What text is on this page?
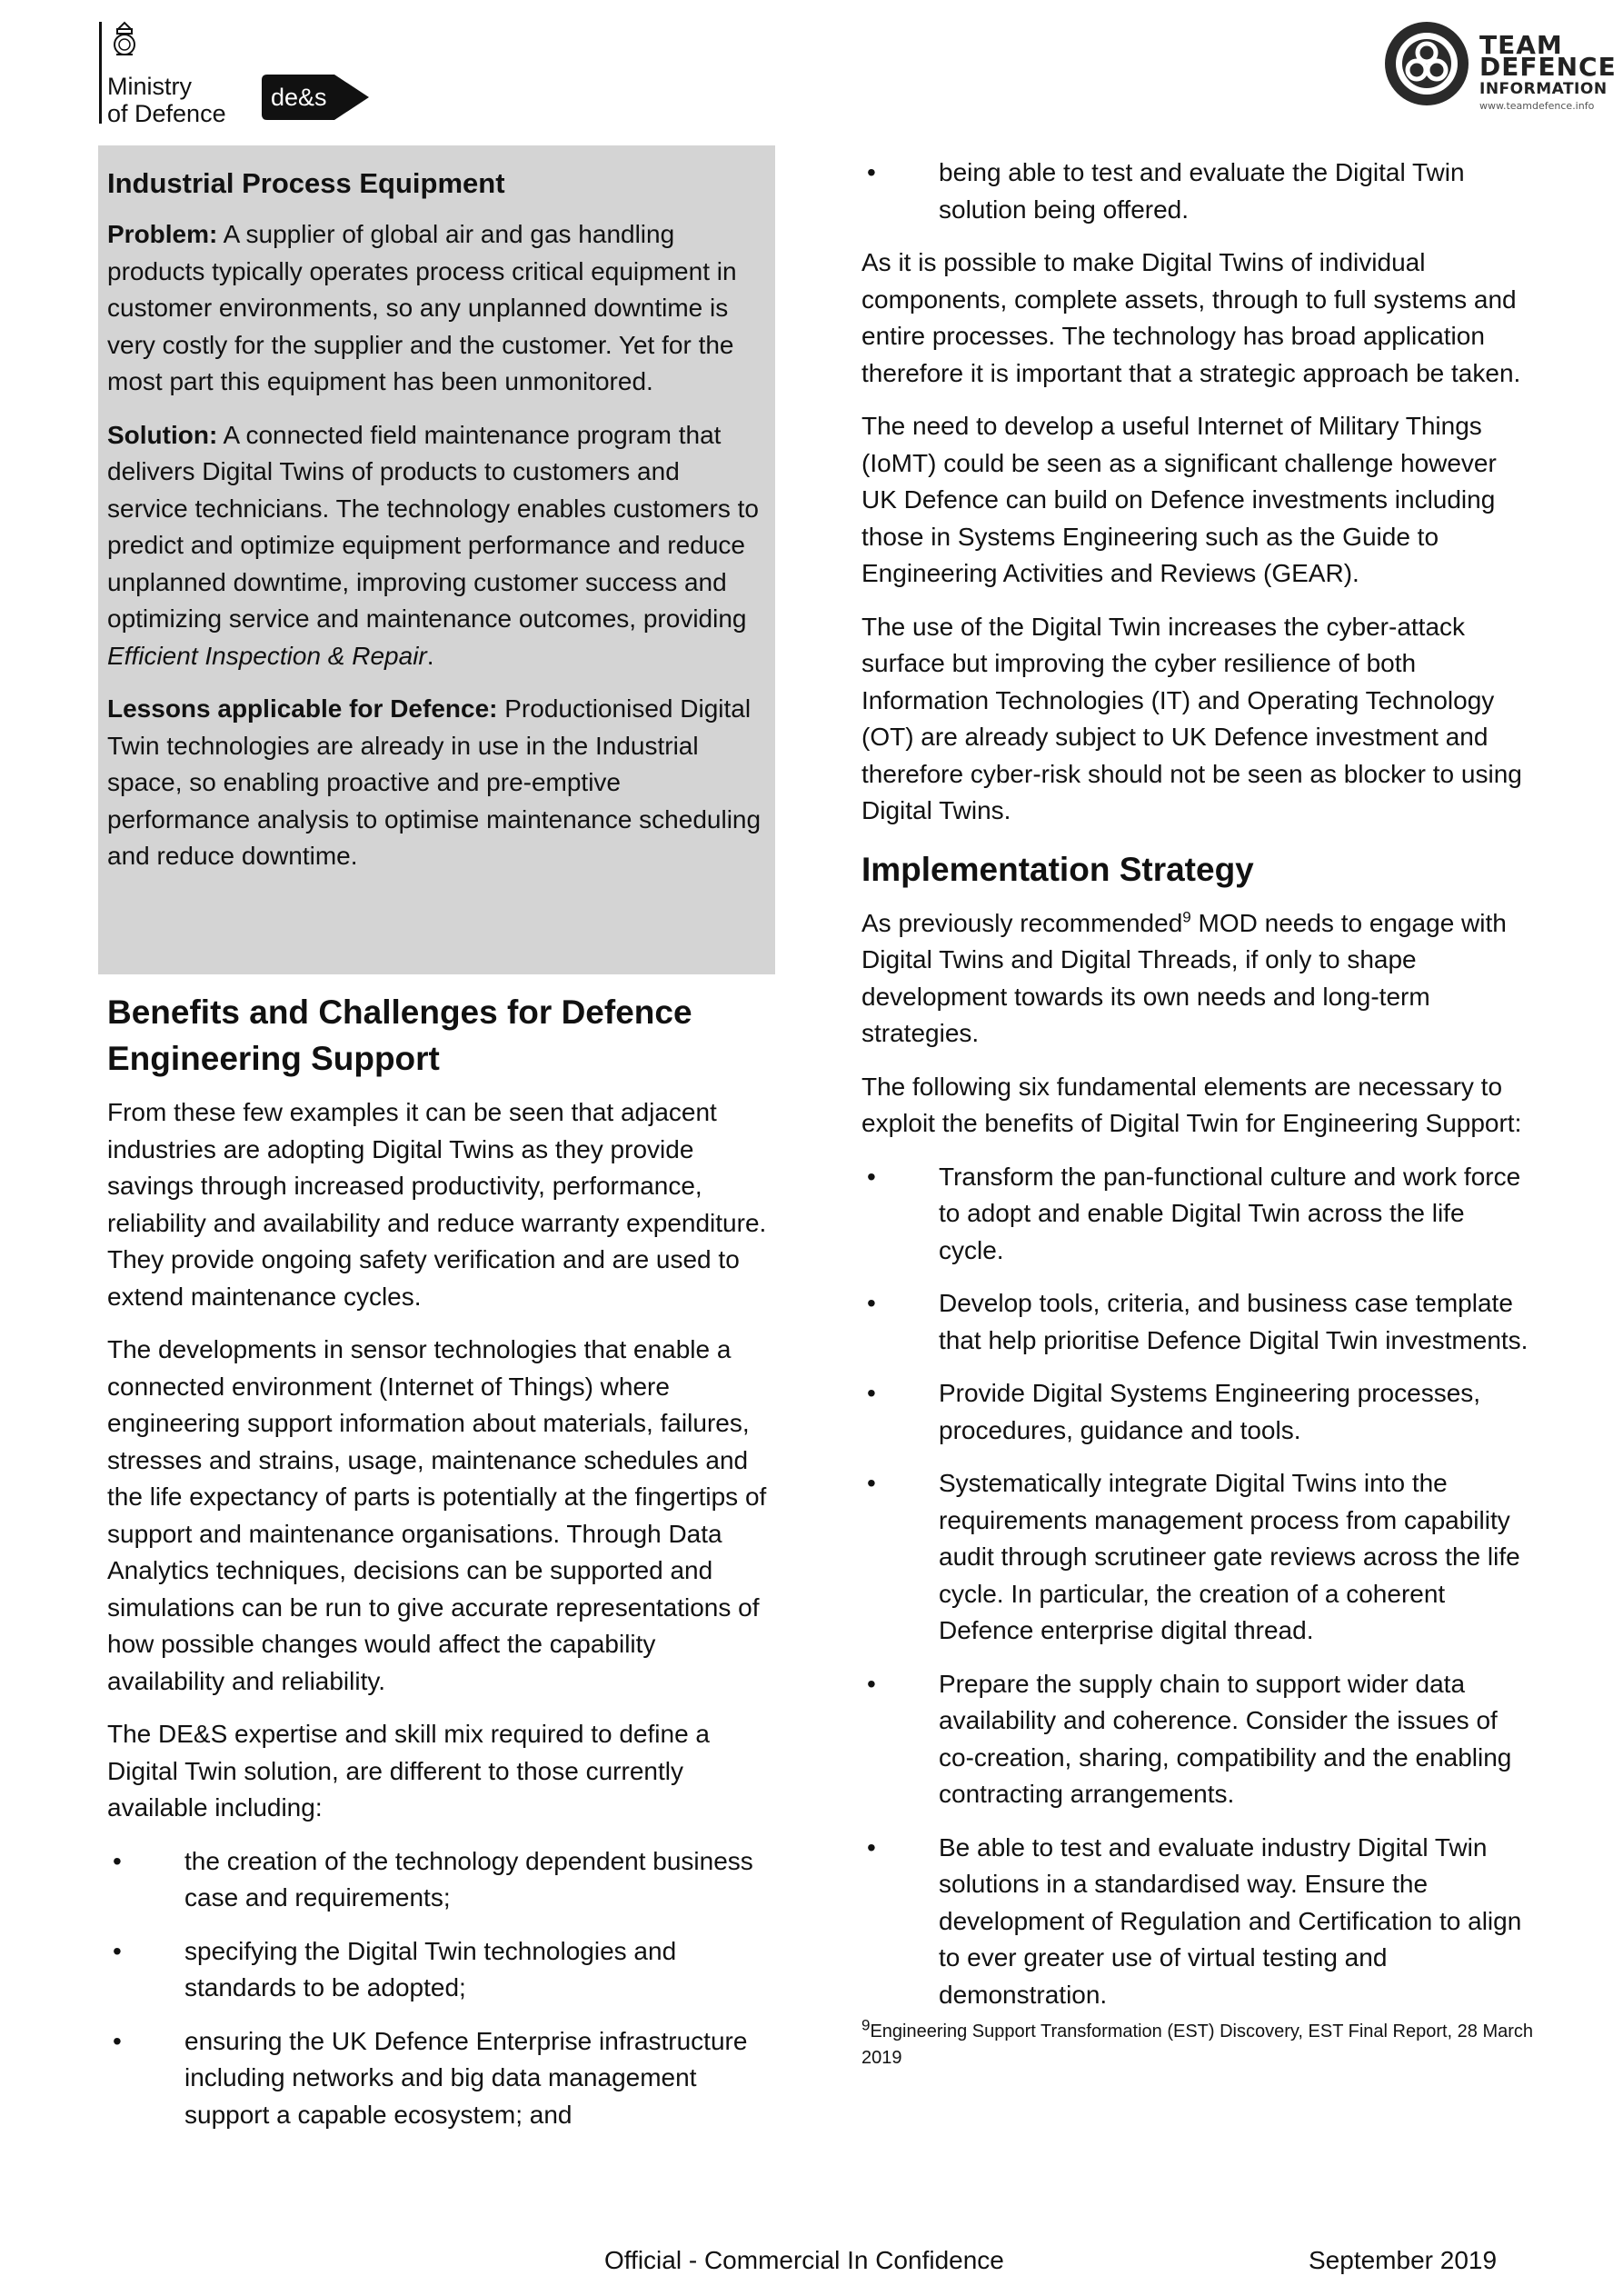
Ministry
of Defence
de&s
TEAM
DEFENCE
INFORMATION
www.teamdefence.info
Industrial Process Equipment

Problem: A supplier of global air and gas handling products typically operates process critical equipment in customer environments, so any unplanned downtime is very costly for the supplier and the customer. Yet for the most part this equipment has been unmonitored.

Solution: A connected field maintenance program that delivers Digital Twins of products to customers and service technicians. The technology enables customers to predict and optimize equipment performance and reduce unplanned downtime, improving customer success and optimizing service and maintenance outcomes, providing Efficient Inspection & Repair.

Lessons applicable for Defence: Productionised Digital Twin technologies are already in use in the Industrial space, so enabling proactive and pre-emptive performance analysis to optimise maintenance scheduling and reduce downtime.

Benefits and Challenges for Defence Engineering Support

From these few examples it can be seen that adjacent industries are adopting Digital Twins as they provide savings through increased productivity, performance, reliability and availability and reduce warranty expenditure. They provide ongoing safety verification and are used to extend maintenance cycles.

The developments in sensor technologies that enable a connected environment (Internet of Things) where engineering support information about materials, failures, stresses and strains, usage, maintenance schedules and the life expectancy of parts is potentially at the fingertips of support and maintenance organisations. Through Data Analytics techniques, decisions can be supported and simulations can be run to give accurate representations of how possible changes would affect the capability availability and reliability.

The DE&S expertise and skill mix required to define a Digital Twin solution, are different to those currently available including:

• the creation of the technology dependent business case and requirements;
• specifying the Digital Twin technologies and standards to be adopted;
• ensuring the UK Defence Enterprise infrastructure including networks and big data management support a capable ecosystem; and
• being able to test and evaluate the Digital Twin solution being offered.

As it is possible to make Digital Twins of individual components, complete assets, through to full systems and entire processes. The technology has broad application therefore it is important that a strategic approach be taken.

The need to develop a useful Internet of Military Things (IoMT) could be seen as a significant challenge however UK Defence can build on Defence investments including those in Systems Engineering such as the Guide to Engineering Activities and Reviews (GEAR).

The use of the Digital Twin increases the cyber-attack surface but improving the cyber resilience of both Information Technologies (IT) and Operating Technology (OT) are already subject to UK Defence investment and therefore cyber-risk should not be seen as blocker to using Digital Twins.

Implementation Strategy

As previously recommended$^9$ MOD needs to engage with Digital Twins and Digital Threads, if only to shape development towards its own needs and long-term strategies.

The following six fundamental elements are necessary to exploit the benefits of Digital Twin for Engineering Support:

• Transform the pan-functional culture and work force to adopt and enable Digital Twin across the life cycle.
• Develop tools, criteria, and business case template that help prioritise Defence Digital Twin investments.
• Provide Digital Systems Engineering processes, procedures, guidance and tools.
• Systematically integrate Digital Twins into the requirements management process from capability audit through scrutineer gate reviews across the life cycle. In particular, the creation of a coherent Defence enterprise digital thread.
• Prepare the supply chain to support wider data availability and coherence. Consider the issues of co-creation, sharing, compatibility and the enabling contracting arrangements.
• Be able to test and evaluate industry Digital Twin solutions in a standardised way. Ensure the development of Regulation and Certification to align to ever greater use of virtual testing and demonstration.
$^9$Engineering Support Transformation (EST) Discovery, EST Final Report, 28 March 2019
Official - Commercial In Confidence	September 2019
